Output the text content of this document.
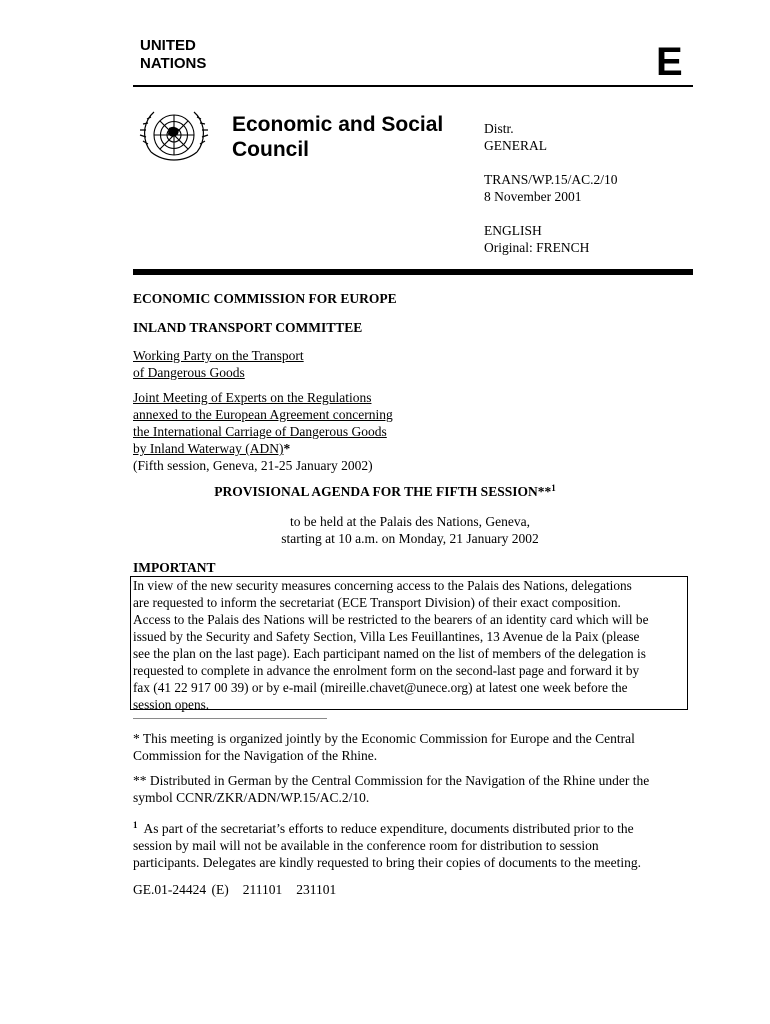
UNITED
NATIONS	E
Economic and Social
Council

Distr.

GENERAL

TRANS/WP.15/AC.2/10

8 November 2001

ENGLISH

Original: FRENCH

ECONOMIC COMMISSION FOR EUROPE
INLAND TRANSPORT COMMITTEE
Working Party on the Transport
of Dangerous Goods
Joint Meeting of Experts on the Regulations
annexed to the European Agreement concerning
the International Carriage of Dangerous Goods
by Inland Waterway (ADN)*
(Fifth session, Geneva, 21-25 January 2002)
PROVISIONAL AGENDA FOR THE FIFTH SESSION**$^1$
to be held at the Palais des Nations, Geneva,
starting at 10 a.m. on Monday, 21 January 2002
IMPORTANT

In view of the new security measures concerning access to the Palais des Nations, delegations

are requested to inform the secretariat (ECE Transport Division) of their exact composition.

Access to the Palais des Nations will be restricted to the bearers of an identity card which will be

issued by the Security and Safety Section, Villa Les Feuillantines, 13 Avenue de la Paix (please

see the plan on the last page). Each participant named on the list of members of the delegation is

requested to complete in advance the enrolment form on the second-last page and forward it by

fax (41 22 917 00 39) or by e-mail (mireille.chavet@unece.org) at latest one week before the

session opens.

* This meeting is organized jointly by the Economic Commission for Europe and the Central
Commission for the Navigation of the Rhine.
** Distributed in German by the Central Commission for the Navigation of the Rhine under the
symbol CCNR/ZKR/ADN/WP.15/AC.2/10.
$^1$ As part of the secretariat’s efforts to reduce expenditure, documents distributed prior to the
session by mail will not be available in the conference room for distribution to session
participants. Delegates are kindly requested to bring their copies of documents to the meeting.
GE.01-24424 (E) 211101 231101
